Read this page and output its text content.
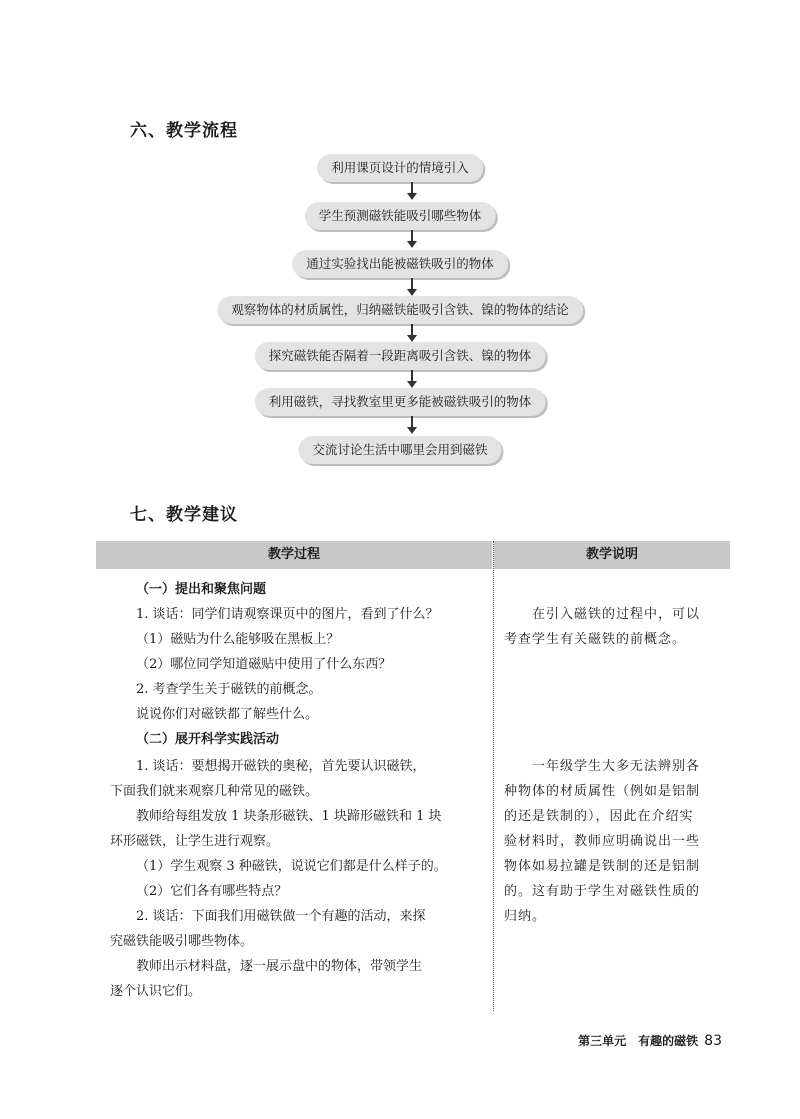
六、教学流程
利用课页设计的情境引入
学生预测磁铁能吸引哪些物体
通过实验找出能被磁铁吸引的物体
观察物体的材质属性，归纳磁铁能吸引含铁、镍的物体的结论
探究磁铁能否隔着一段距离吸引含铁、镍的物体
利用磁铁，寻找教室里更多能被磁铁吸引的物体
交流讨论生活中哪里会用到磁铁
七、教学建议
教学过程	教学说明
（一）提出和聚焦问题
1. 谈话：同学们请观察课页中的图片，看到了什么？
（1）磁贴为什么能够吸在黑板上？
（2）哪位同学知道磁贴中使用了什么东西？
2. 考查学生关于磁铁的前概念。
说说你们对磁铁都了解些什么。
（二）展开科学实践活动
1. 谈话：要想揭开磁铁的奥秘，首先要认识磁铁，
下面我们就来观察几种常见的磁铁。
教师给每组发放 1 块条形磁铁、1 块蹄形磁铁和 1 块
环形磁铁，让学生进行观察。
（1）学生观察 3 种磁铁，说说它们都是什么样子的。
（2）它们各有哪些特点？
2. 谈话：下面我们用磁铁做一个有趣的活动，来探
究磁铁能吸引哪些物体。
教师出示材料盘，逐一展示盘中的物体，带领学生
逐个认识它们。
在引入磁铁的过程中，可以
考查学生有关磁铁的前概念。
一年级学生大多无法辨别各
种物体的材质属性（例如是铝制
的还是铁制的），因此在介绍实
验材料时，教师应明确说出一些
物体如易拉罐是铁制的还是铝制
的。这有助于学生对磁铁性质的
归纳。
第三单元　有趣的磁铁 83
